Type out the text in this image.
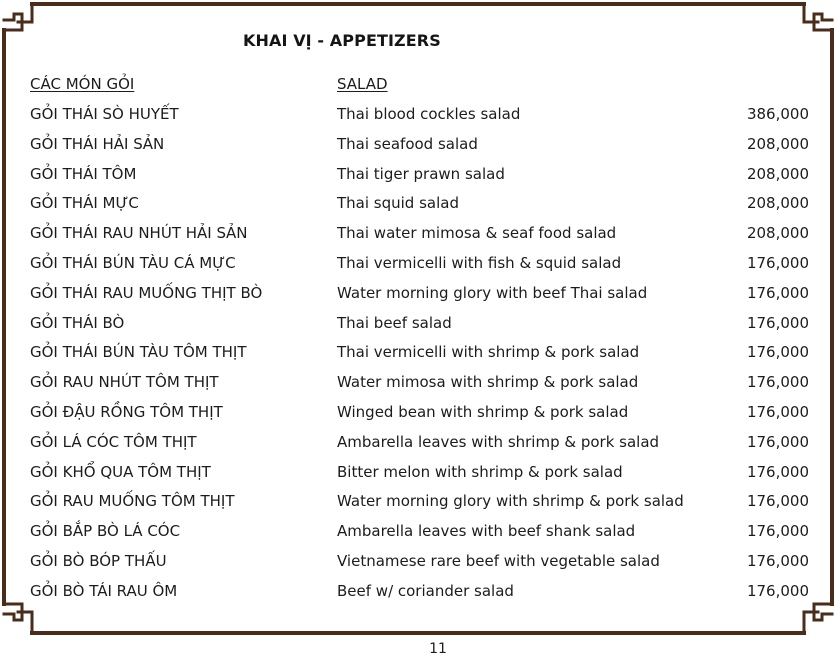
KHAI VỊ - APPETIZERS
CÁC MÓN GỎI	SALAD
GỎI THÁI SÒ HUYẾT	Thai blood cockles salad	386,000
GỎI THÁI HẢI SẢN	Thai seafood salad	208,000
GỎI THÁI TÔM	Thai tiger prawn salad	208,000
GỎI THÁI MỰC	Thai squid salad	208,000
GỎI THÁI RAU NHÚT HẢI SẢN	Thai water mimosa & seaf food salad	208,000
GỎI THÁI BÚN TÀU CÁ MỰC	Thai vermicelli with fish & squid salad	176,000
GỎI THÁI RAU MUỐNG THỊT BÒ	Water morning glory with beef Thai salad	176,000
GỎI THÁI BÒ	Thai beef salad	176,000
GỎI THÁI BÚN TÀU TÔM THỊT	Thai vermicelli with shrimp & pork salad	176,000
GỎI RAU NHÚT TÔM THỊT	Water mimosa with shrimp & pork salad	176,000
GỎI ĐẬU RỒNG TÔM THỊT	Winged bean with shrimp & pork salad	176,000
GỎI LÁ CÓC TÔM THỊT	Ambarella leaves with shrimp & pork salad	176,000
GỎI KHỔ QUA TÔM THỊT	Bitter melon with shrimp & pork salad	176,000
GỎI RAU MUỐNG TÔM THỊT	Water morning glory with shrimp & pork salad	176,000
GỎI BẮP BÒ LÁ CÓC	Ambarella leaves with beef shank salad	176,000
GỎI BÒ BÓP THẤU	Vietnamese rare beef with vegetable salad	176,000
GỎI BÒ TÁI RAU ÔM	Beef w/ coriander salad	176,000
11
